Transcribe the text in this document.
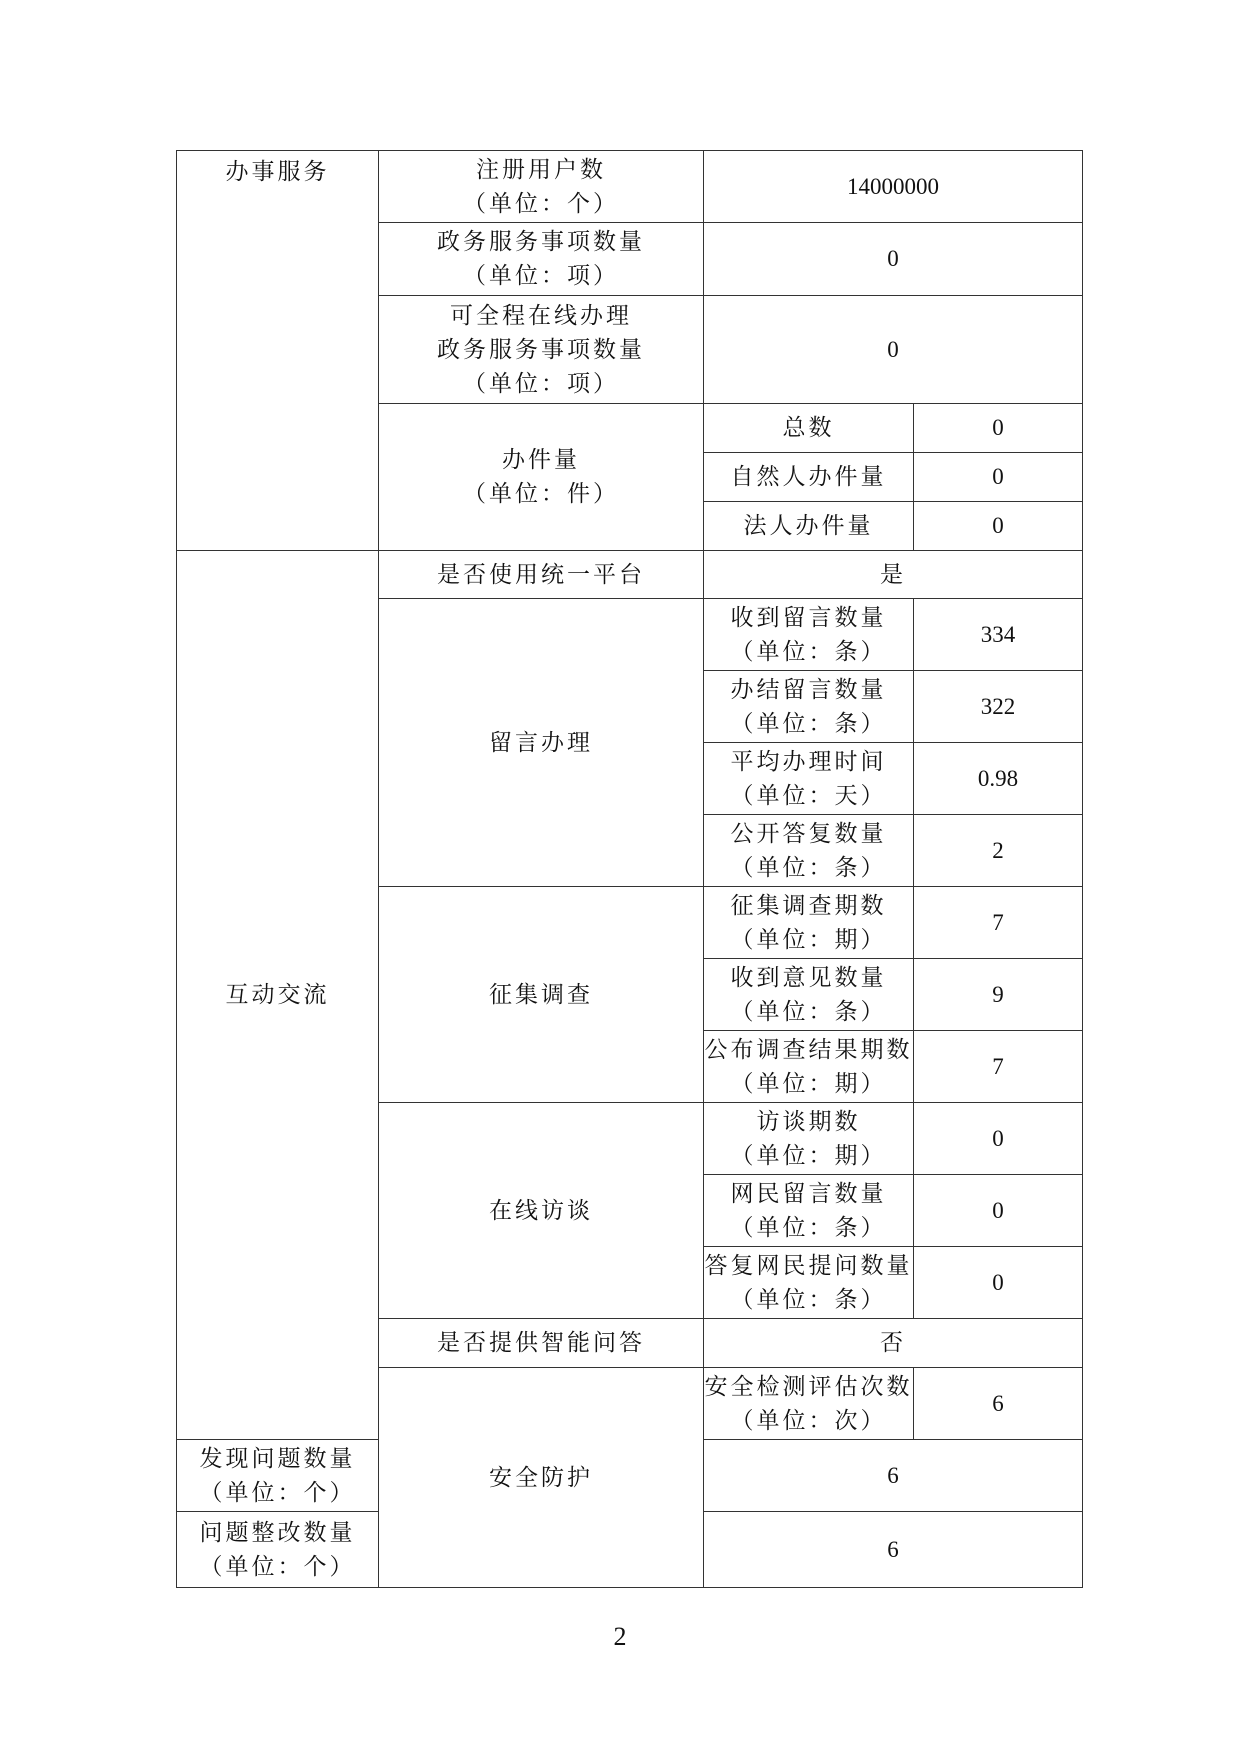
办事服务	注册用户数
（单位：个）	14000000	

	政务服务事项数量
（单位：项）	0	

	可全程在线办理
政务服务事项数量
（单位：项）	0	

	办件量
（单位：件）	总数	0
		自然人办件量	0
		法人办件量	0
互动交流	是否使用统一平台	是	
	留言办理	收到留言数量
（单位：条）	334

		办结留言数量
（单位：条）	322

		平均办理时间
（单位：天）	0.98

		公开答复数量
（单位：条）	2
	征集调查	征集调查期数
（单位：期）	7

		收到意见数量
（单位：条）	9

		公布调查结果期数
（单位：期）	7
	在线访谈	访谈期数
（单位：期）	0

		网民留言数量
（单位：条）	0

		答复网民提问数量
（单位：条）	0
	是否提供智能问答	否	
	安全防护	安全检测评估次数
（单位：次）	6

发现问题数量
（单位：个）		6	

问题整改数量
（单位：个）		6	
2
